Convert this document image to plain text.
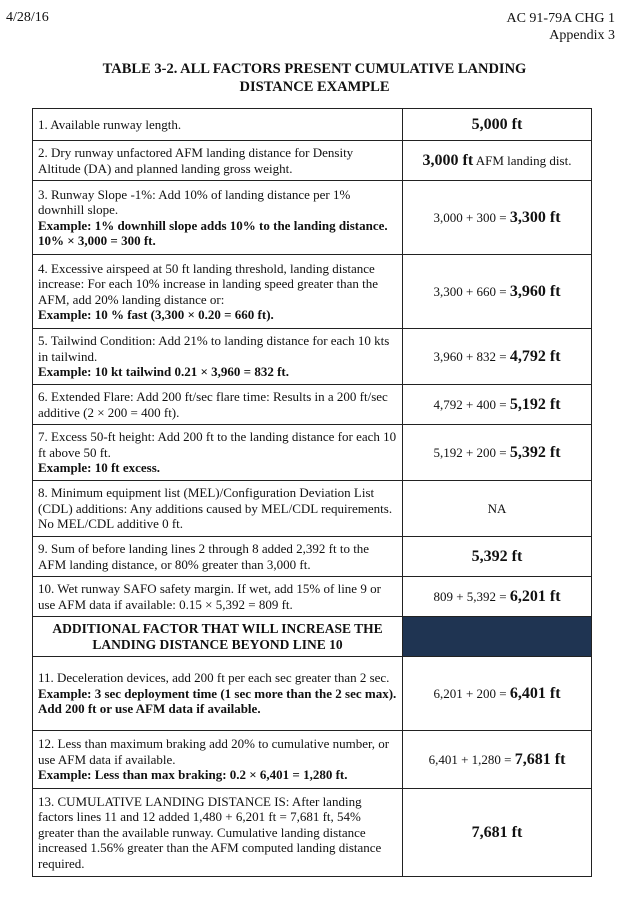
4/28/16	AC 91-79A CHG 1
Appendix 3
TABLE 3-2. ALL FACTORS PRESENT CUMULATIVE LANDING
DISTANCE EXAMPLE
1. Available runway length.	5,000 ft
2. Dry runway unfactored AFM landing distance for Density Altitude (DA) and planned landing gross weight.	3,000 ft AFM landing dist.
3. Runway Slope -1%: Add 10% of landing distance per 1% downhill slope.
Example: 1% downhill slope adds 10% to the landing distance. 10% × 3,000 = 300 ft.	3,000 + 300 = 3,300 ft
4. Excessive airspeed at 50 ft landing threshold, landing distance increase: For each 10% increase in landing speed greater than the AFM, add 20% landing distance or:
Example: 10 % fast (3,300 × 0.20 = 660 ft).	3,300 + 660 = 3,960 ft
5. Tailwind Condition: Add 21% to landing distance for each 10 kts in tailwind.
Example: 10 kt tailwind 0.21 × 3,960 = 832 ft.	3,960 + 832 = 4,792 ft
6. Extended Flare: Add 200 ft/sec flare time: Results in a 200 ft/sec additive (2 × 200 = 400 ft).	4,792 + 400 = 5,192 ft
7. Excess 50-ft height: Add 200 ft to the landing distance for each 10 ft above 50 ft.
Example: 10 ft excess.	5,192 + 200 = 5,392 ft
8. Minimum equipment list (MEL)/Configuration Deviation List (CDL) additions: Any additions caused by MEL/CDL requirements. No MEL/CDL additive 0 ft.	NA
9. Sum of before landing lines 2 through 8 added 2,392 ft to the AFM landing distance, or 80% greater than 3,000 ft.	5,392 ft
10. Wet runway SAFO safety margin. If wet, add 15% of line 9 or use AFM data if available: 0.15 × 5,392 = 809 ft.	809 + 5,392 = 6,201 ft
ADDITIONAL FACTOR THAT WILL INCREASE THE LANDING DISTANCE BEYOND LINE 10	
11. Deceleration devices, add 200 ft per each sec greater than 2 sec.
Example: 3 sec deployment time (1 sec more than the 2 sec max). Add 200 ft or use AFM data if available.	6,201 + 200 = 6,401 ft
12. Less than maximum braking add 20% to cumulative number, or use AFM data if available.
Example: Less than max braking: 0.2 × 6,401 = 1,280 ft.	6,401 + 1,280 = 7,681 ft
13. CUMULATIVE LANDING DISTANCE IS: After landing factors lines 11 and 12 added 1,480 + 6,201 ft = 7,681 ft, 54% greater than the available runway. Cumulative landing distance increased 1.56% greater than the AFM computed landing distance required.	7,681 ft
